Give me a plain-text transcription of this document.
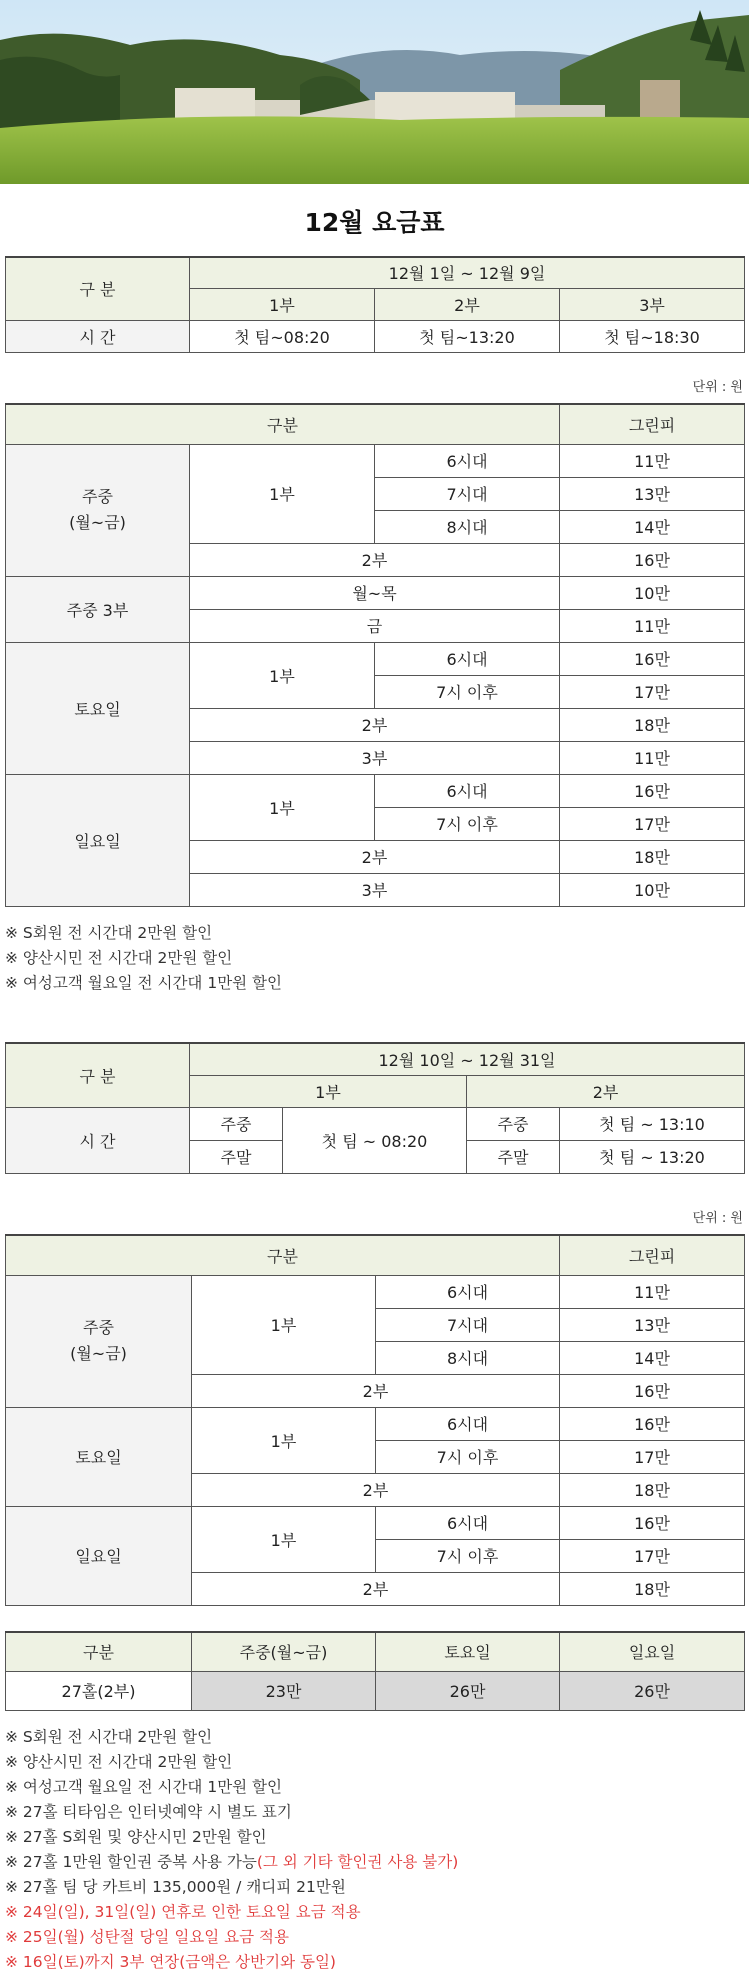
12월 요금표
구 분	12월 1일 ~ 12월 9일		
	1부	2부	3부
시 간	첫 팀~08:20	첫 팀~13:20	첫 팀~18:30
단위 : 원
구분			그린피
주중
(월~금)	1부	6시대	11만
		7시대	13만
		8시대	14만
	2부		16만
주중 3부	월~목		10만
	금		11만
토요일	1부	6시대	16만
		7시 이후	17만
	2부		18만
	3부		11만
일요일	1부	6시대	16만
		7시 이후	17만
	2부		18만
	3부		10만
※ S회원 전 시간대 2만원 할인
※ 양산시민 전 시간대 2만원 할인
※ 여성고객 월요일 전 시간대 1만원 할인
구 분	12월 10일 ~ 12월 31일			
	1부		2부	
시 간	주중	첫 팀 ~ 08:20	주중	첫 팀 ~ 13:10
	주말		주말	첫 팀 ~ 13:20
단위 : 원
구분			그린피
주중
(월~금)	1부	6시대	11만
		7시대	13만
		8시대	14만
	2부		16만
토요일	1부	6시대	16만
		7시 이후	17만
	2부		18만
일요일	1부	6시대	16만
		7시 이후	17만
	2부		18만
구분	주중(월~금)	토요일	일요일
27홀(2부)	23만	26만	26만
※ S회원 전 시간대 2만원 할인
※ 양산시민 전 시간대 2만원 할인
※ 여성고객 월요일 전 시간대 1만원 할인
※ 27홀 티타임은 인터넷예약 시 별도 표기
※ 27홀 S회원 및 양산시민 2만원 할인
※ 27홀 1만원 할인권 중복 사용 가능(그 외 기타 할인권 사용 불가)
※ 27홀 팀 당 카트비 135,000원 / 캐디피 21만원
※ 24일(일), 31일(일) 연휴로 인한 토요일 요금 적용
※ 25일(월) 성탄절 당일 일요일 요금 적용
※ 16일(토)까지 3부 연장(금액은 상반기와 동일)
